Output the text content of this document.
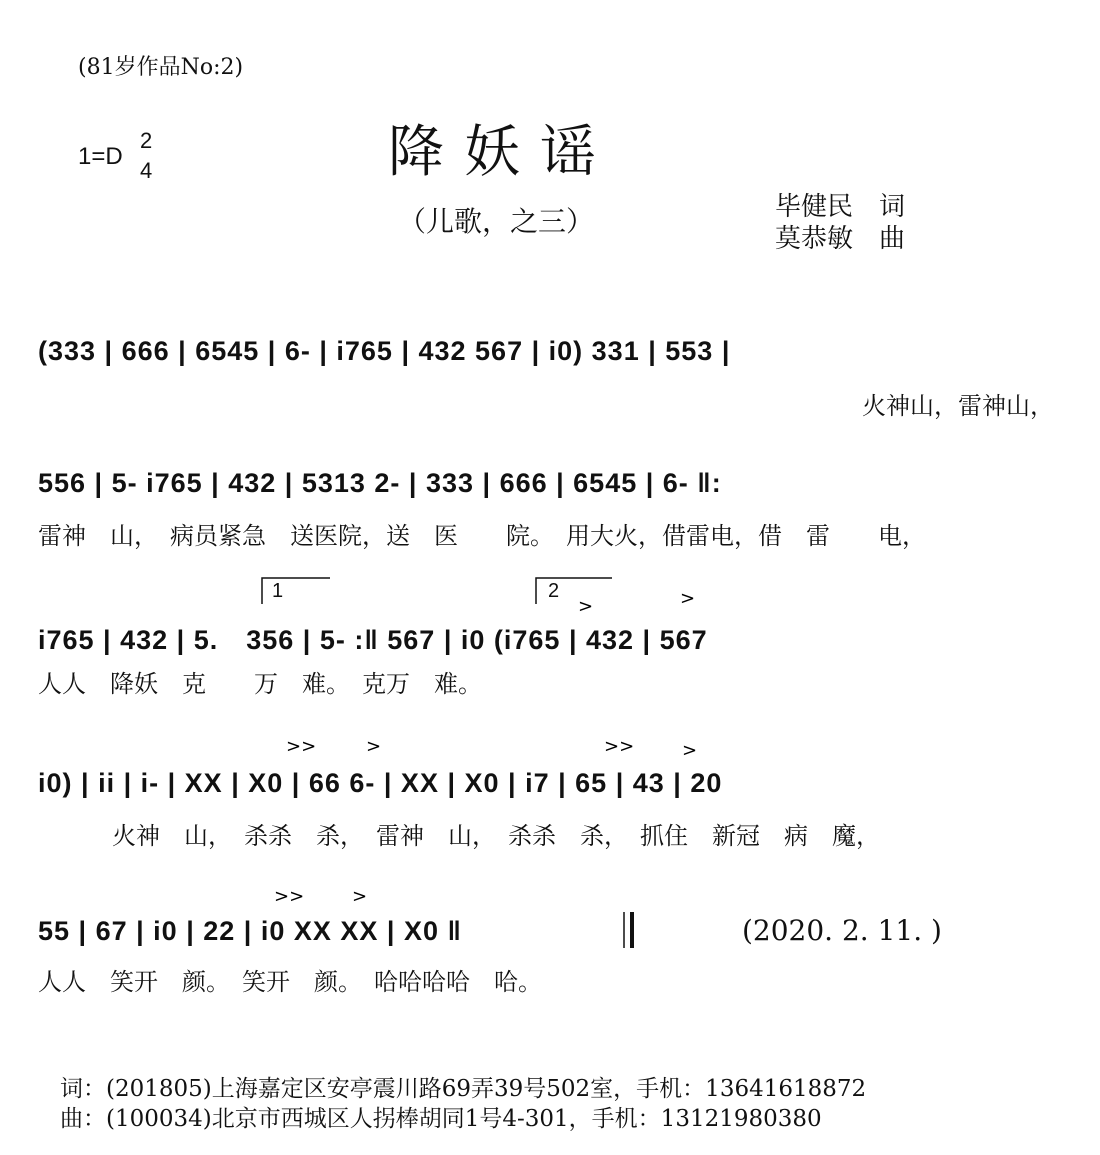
(81岁作品No:2)
降妖谣
1=D
2
4
（儿歌，之三）	毕健民　词
莫恭敏　曲
(333 | 666 | 6545 | 6- | i765 | 432 567 | i0) 331 | 553 |
火神山，雷神山，
556 | 5- i765 | 432 | 5313 2- | 333 | 666 | 6545 | 6- ‖:
雷神　山，　病员紧急　送医院，送　医　　院。　用大火，借雷电，借　雷　　电，
1	2
i765 | 432 | 5.　356 | 5- :‖ 567 | i0 (i765 | 432 | 567
人人　降妖　克　　万　难。　克万　难。
i0) | ii | i- | XX | X0 | 66 6- | XX | X0 | i7 | 65 | 43 | 20
火神　山，　杀杀　杀，　雷神　山，　杀杀　杀，　抓住　新冠　病　魔，
55 | 67 | i0 | 22 | i0 XX XX | X0 ‖
人人　笑开　颜。　笑开　颜。　哈哈哈哈　哈。
(2020. 2. 11. )
词：(201805)上海嘉定区安亭震川路69弄39号502室，手机：13641618872
曲：(100034)北京市西城区人拐棒胡同1号4-301，手机：13121980380
>	>
>>	>	>>	>
>>	>
